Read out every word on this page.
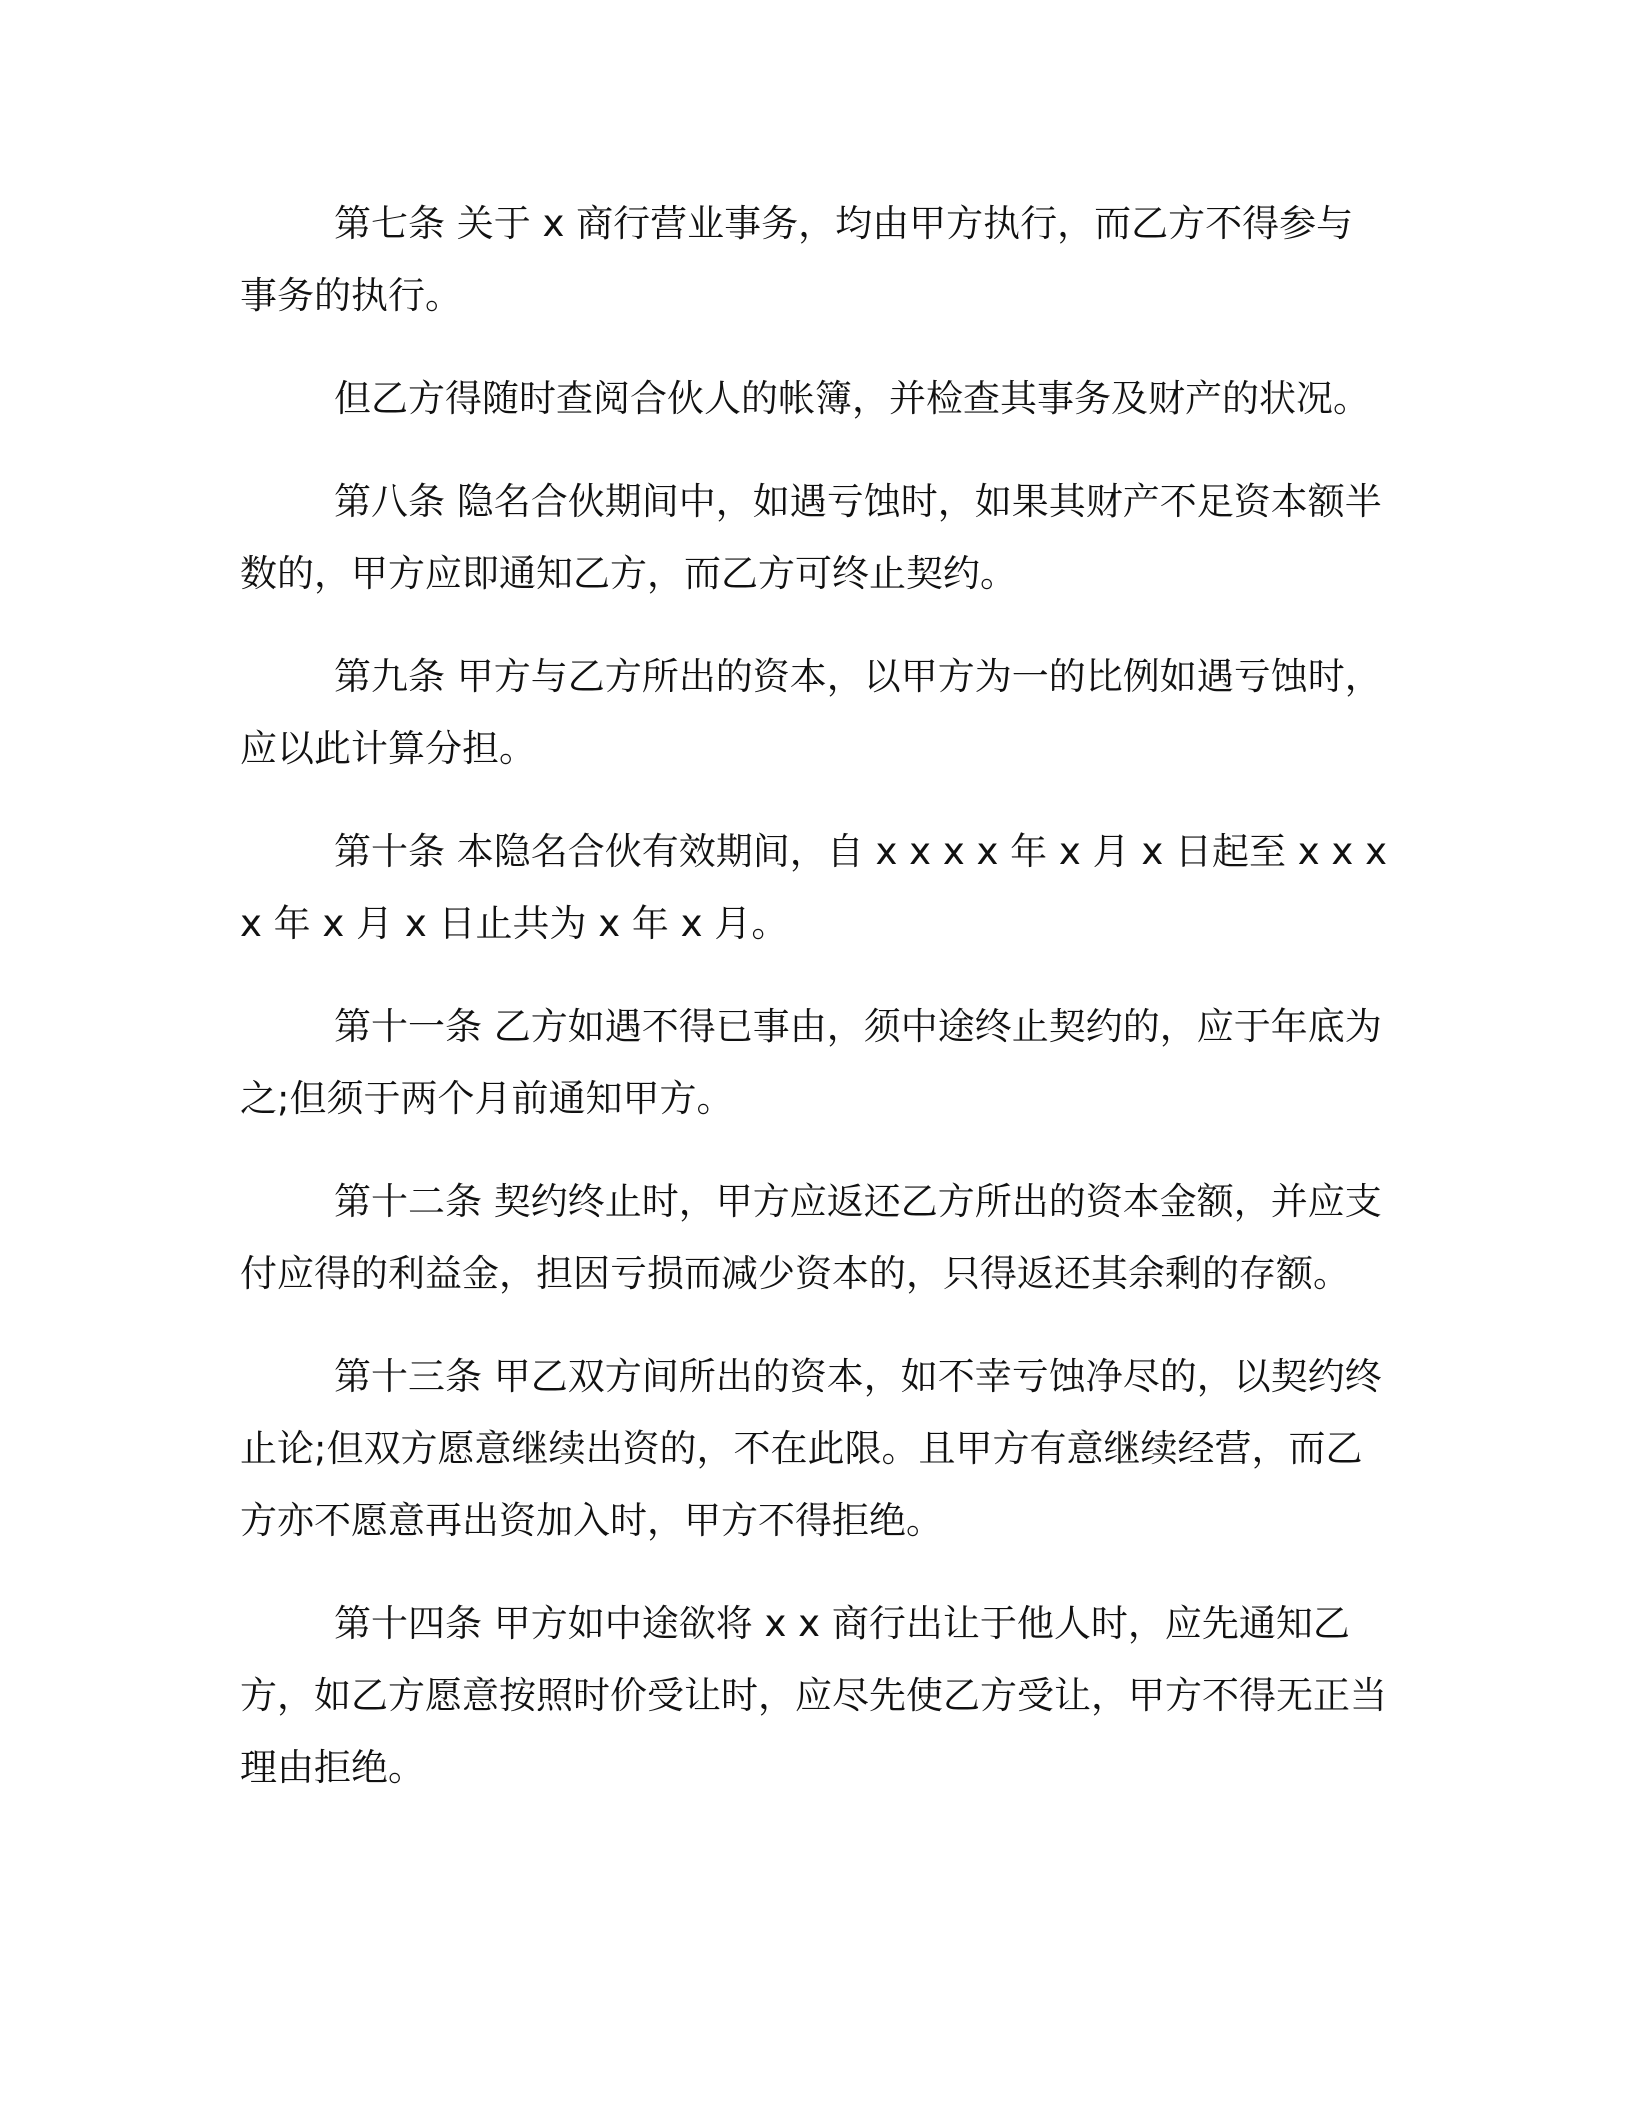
第七条 关于 x 商行营业事务，均由甲方执行，而乙方不得参与事务的执行。

但乙方得随时查阅合伙人的帐簿，并检查其事务及财产的状况。

第八条 隐名合伙期间中，如遇亏蚀时，如果其财产不足资本额半数的，甲方应即通知乙方，而乙方可终止契约。

第九条 甲方与乙方所出的资本，以甲方为一的比例如遇亏蚀时，应以此计算分担。

第十条 本隐名合伙有效期间，自 x x x x 年 x 月 x 日起至 x x x x 年 x 月 x 日止共为 x 年 x 月。

第十一条 乙方如遇不得已事由，须中途终止契约的，应于年底为之;但须于两个月前通知甲方。

第十二条 契约终止时，甲方应返还乙方所出的资本金额，并应支付应得的利益金，担因亏损而减少资本的，只得返还其余剩的存额。

第十三条 甲乙双方间所出的资本，如不幸亏蚀净尽的，以契约终止论;但双方愿意继续出资的，不在此限。且甲方有意继续经营，而乙方亦不愿意再出资加入时，甲方不得拒绝。

第十四条 甲方如中途欲将 x x 商行出让于他人时，应先通知乙方，如乙方愿意按照时价受让时，应尽先使乙方受让，甲方不得无正当理由拒绝。
